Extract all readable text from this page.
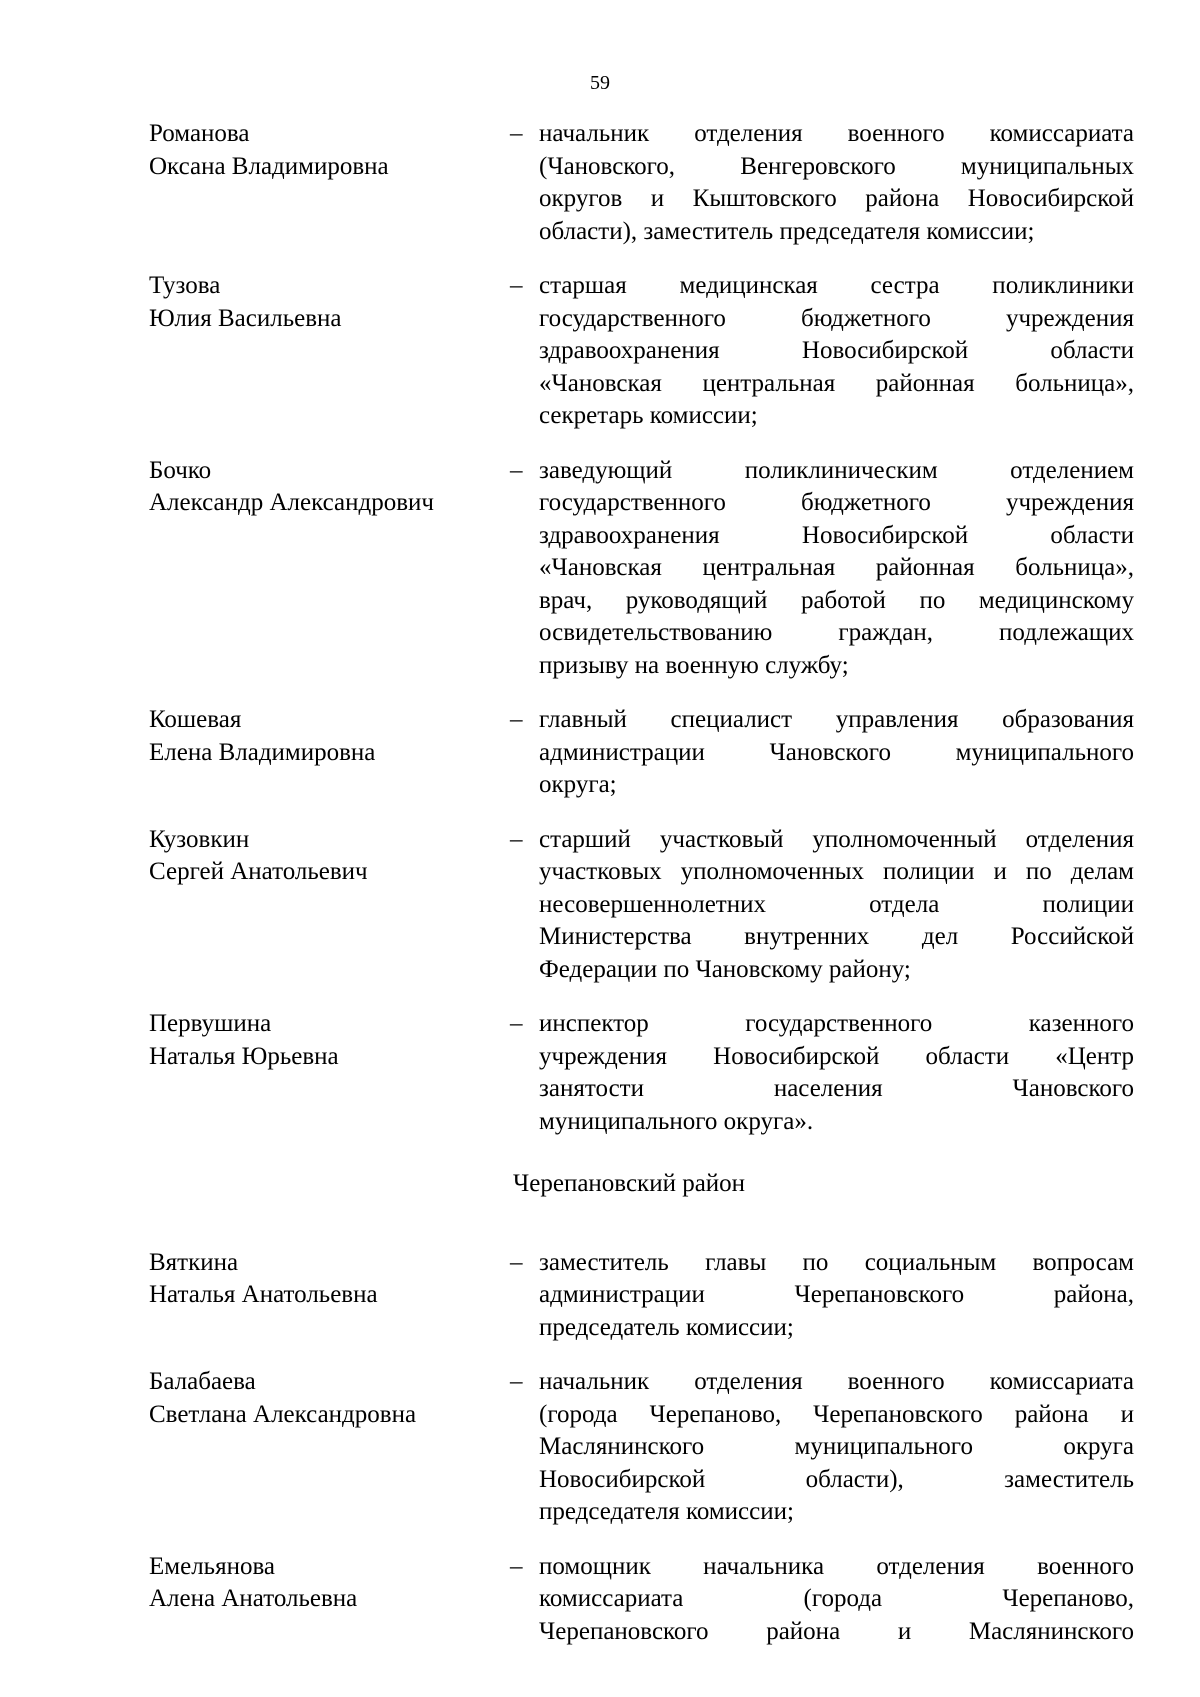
59
Романова
Оксана Владимировна
– начальник отделения военного комиссариата
(Чановского, Венгеровского муниципальных
округов и Кыштовского района Новосибирской
области), заместитель председателя комиссии;
Тузова
Юлия Васильевна
– старшая медицинская сестра поликлиники
государственного бюджетного учреждения
здравоохранения Новосибирской области
«Чановская центральная районная больница»,
секретарь комиссии;
Бочко
Александр Александрович
– заведующий поликлиническим отделением
государственного бюджетного учреждения
здравоохранения Новосибирской области
«Чановская центральная районная больница»,
врач, руководящий работой по медицинскому
освидетельствованию граждан, подлежащих
призыву на военную службу;
Кошевая
Елена Владимировна
– главный специалист управления образования
администрации Чановского муниципального
округа;
Кузовкин
Сергей Анатольевич
– старший участковый уполномоченный отделения
участковых уполномоченных полиции и по делам
несовершеннолетних отдела полиции
Министерства внутренних дел Российской
Федерации по Чановскому району;
Первушина
Наталья Юрьевна
– инспектор государственного казенного
учреждения Новосибирской области «Центр
занятости населения Чановского
муниципального округа».
Черепановский район
Вяткина
Наталья Анатольевна
– заместитель главы по социальным вопросам
администрации Черепановского района,
председатель комиссии;
Балабаева
Светлана Александровна
– начальник отделения военного комиссариата
(города Черепаново, Черепановского района и
Маслянинского муниципального округа
Новосибирской области), заместитель
председателя комиссии;
Емельянова
Алена Анатольевна
– помощник начальника отделения военного
комиссариата (города Черепаново,
Черепановского района и Маслянинского
